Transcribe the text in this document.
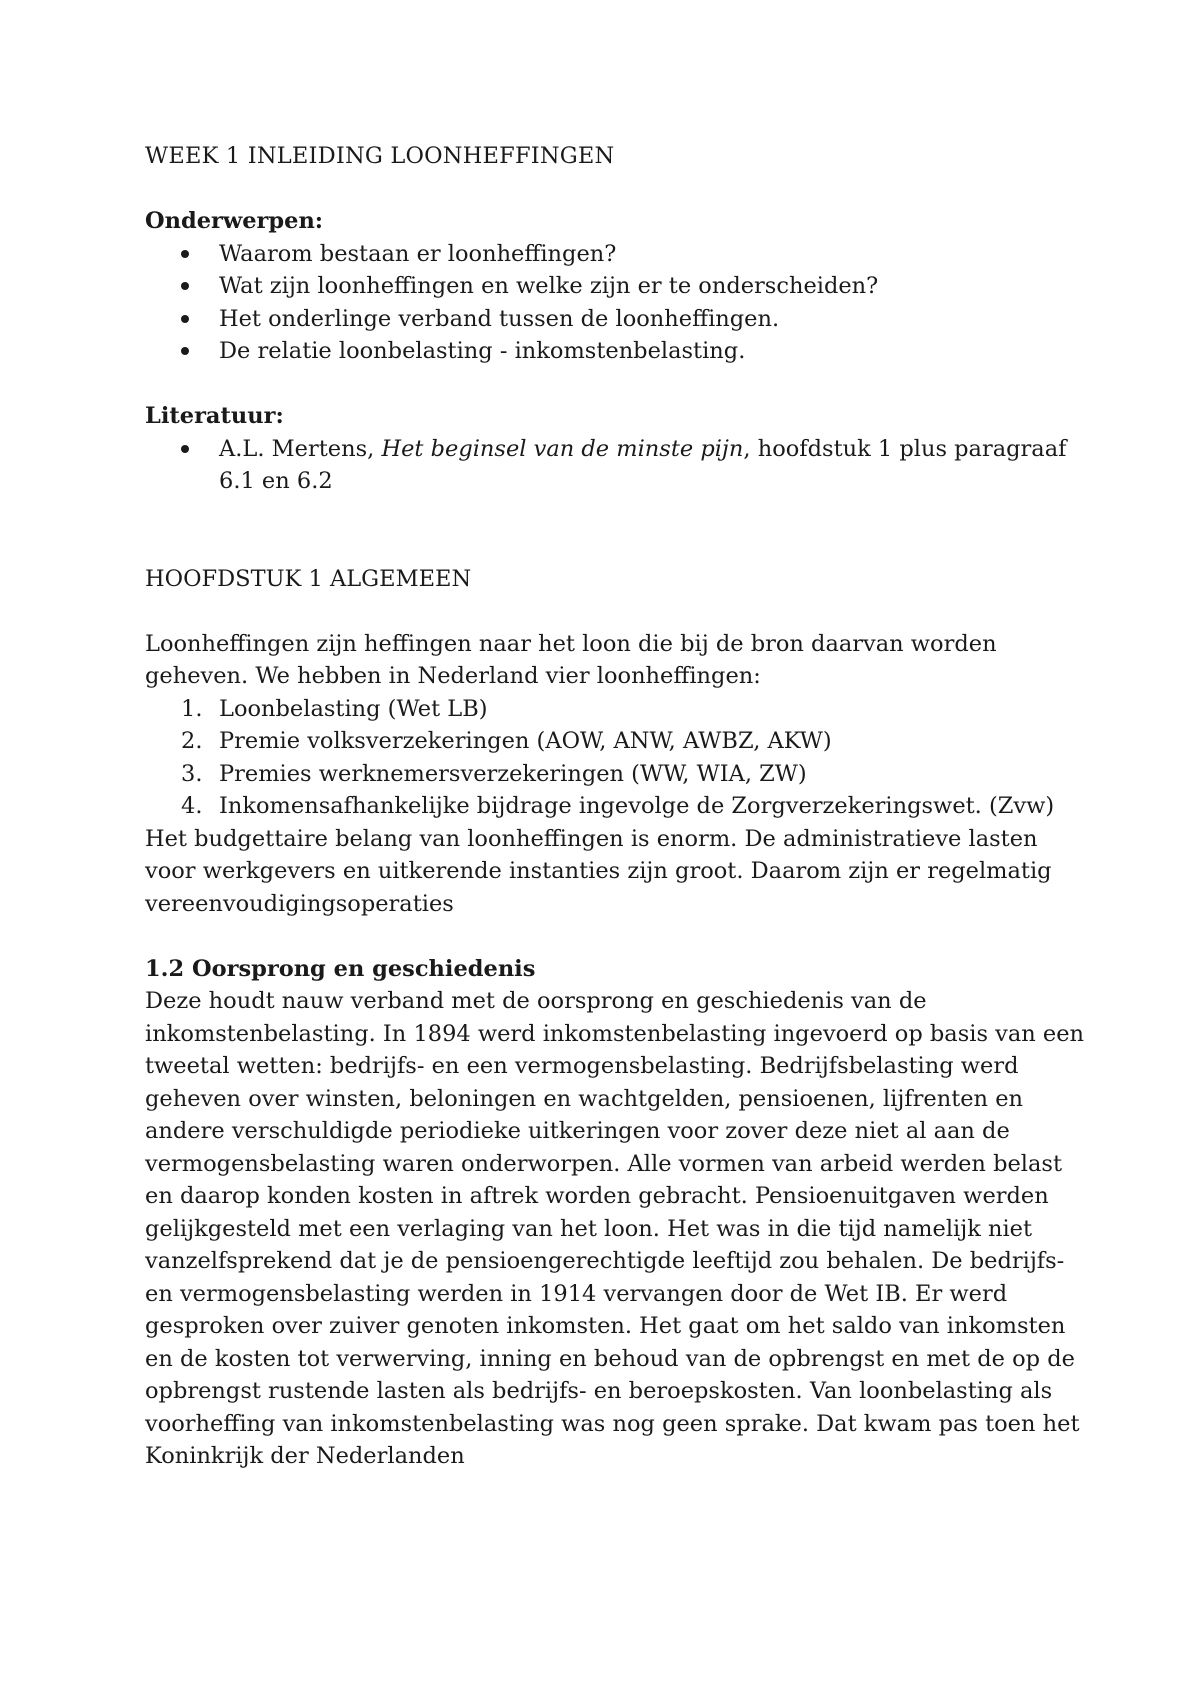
WEEK 1 INLEIDING LOONHEFFINGEN

Onderwerpen:

Waarom bestaan er loonheffingen?
Wat zijn loonheffingen en welke zijn er te onderscheiden?
Het onderlinge verband tussen de loonheffingen.
De relatie loonbelasting - inkomstenbelasting.

Literatuur:

A.L. Mertens, Het beginsel van de minste pijn, hoofdstuk 1 plus paragraaf 6.1 en 6.2
HOOFDSTUK 1 ALGEMEEN

Loonheffingen zijn heffingen naar het loon die bij de bron daarvan worden geheven. We hebben in Nederland vier loonheffingen:

1. Loonbelasting (Wet LB)
2. Premie volksverzekeringen (AOW, ANW, AWBZ, AKW)
3. Premies werknemersverzekeringen (WW, WIA, ZW)
4. Inkomensafhankelijke bijdrage ingevolge de Zorgverzekeringswet. (Zvw)

Het budgettaire belang van loonheffingen is enorm. De administratieve lasten voor werkgevers en uitkerende instanties zijn groot. Daarom zijn er regelmatig vereenvoudigingsoperaties

1.2 Oorsprong en geschiedenis

Deze houdt nauw verband met de oorsprong en geschiedenis van de inkomstenbelasting. In 1894 werd inkomstenbelasting ingevoerd op basis van een tweetal wetten: bedrijfs- en een vermogensbelasting. Bedrijfsbelasting werd geheven over winsten, beloningen en wachtgelden, pensioenen, lijfrenten en andere verschuldigde periodieke uitkeringen voor zover deze niet al aan de vermogensbelasting waren onderworpen. Alle vormen van arbeid werden belast en daarop konden kosten in aftrek worden gebracht. Pensioenuitgaven werden gelijkgesteld met een verlaging van het loon. Het was in die tijd namelijk niet vanzelfsprekend dat je de pensioengerechtigde leeftijd zou behalen. De bedrijfs- en vermogensbelasting werden in 1914 vervangen door de Wet IB. Er werd gesproken over zuiver genoten inkomsten. Het gaat om het saldo van inkomsten en de kosten tot verwerving, inning en behoud van de opbrengst en met de op de opbrengst rustende lasten als bedrijfs- en beroepskosten. Van loonbelasting als voorheffing van inkomstenbelasting was nog geen sprake. Dat kwam pas toen het Koninkrijk der Nederlanden
